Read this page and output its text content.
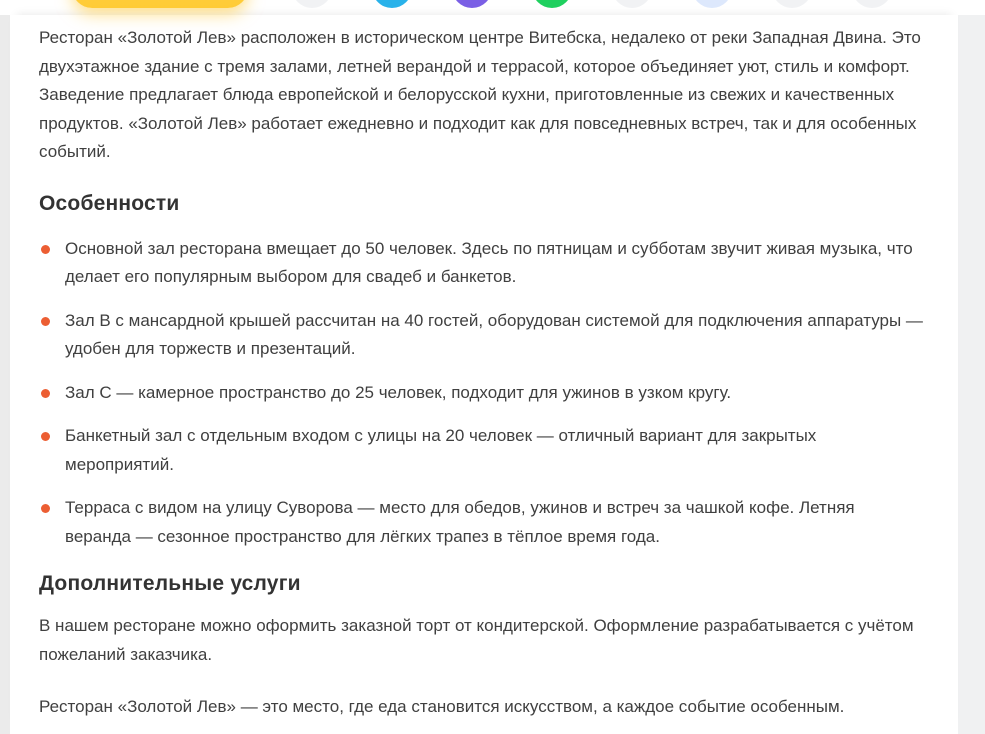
Ресторан «Золотой Лев» расположен в историческом центре Витебска, недалеко от реки Западная Двина. Это двухэтажное здание с тремя залами, летней верандой и террасой, которое объединяет уют, стиль и комфорт. Заведение предлагает блюда европейской и белорусской кухни, приготовленные из свежих и качественных продуктов. «Золотой Лев» работает ежедневно и подходит как для повседневных встреч, так и для особенных событий.

Особенности
Основной зал ресторана вмещает до 50 человек. Здесь по пятницам и субботам звучит живая музыка, что делает его популярным выбором для свадеб и банкетов.
Зал B с мансардной крышей рассчитан на 40 гостей, оборудован системой для подключения аппаратуры — удобен для торжеств и презентаций.
Зал C — камерное пространство до 25 человек, подходит для ужинов в узком кругу.
Банкетный зал с отдельным входом с улицы на 20 человек — отличный вариант для закрытых мероприятий.
Терраса с видом на улицу Суворова — место для обедов, ужинов и встреч за чашкой кофе. Летняя веранда — сезонное пространство для лёгких трапез в тёплое время года.
Дополнительные услуги

В нашем ресторане можно оформить заказной торт от кондитерской. Оформление разрабатывается с учётом пожеланий заказчика.

Ресторан «Золотой Лев» — это место, где еда становится искусством, а каждое событие особенным.
